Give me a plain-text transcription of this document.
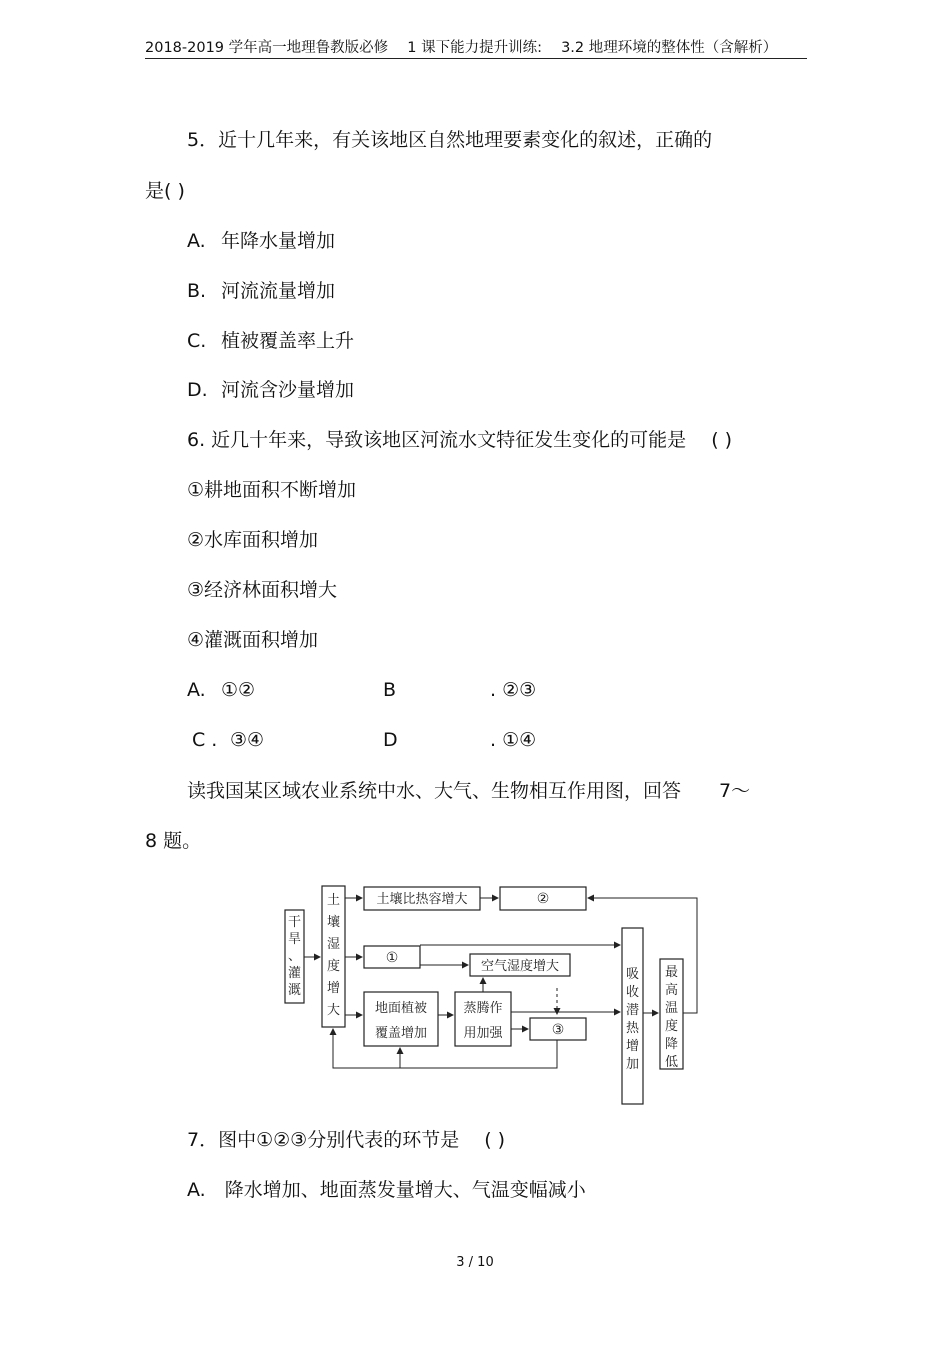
2018-2019 学年高一地理鲁教版必修　 1 课下能力提升训练:　 3.2 地理环境的整体性（含解析）
5．近十几年来，有关该地区自然地理要素变化的叙述，正确的
是( )
A. 年降水量增加
B. 河流流量增加
C. 植被覆盖率上升
D. 河流含沙量增加
6. 近几十年来，导致该地区河流水文特征发生变化的可能是 　( )
①耕地面积不断增加
②水库面积增加
③经济林面积增大
④灌溉面积增加
A. ①②	B	. ②③
C . ③④	D	. ①④
读我国某区域农业系统中水、大气、生物相互作用图，回答　　7～
8 题。
干
旱
、
灌
溉
土
壤
湿
度
增
大
土壤比热容增大	②
①
空气湿度增大
地面植被
覆盖增加
蒸腾作
用加强	③
吸
收
潜
热
增
加
最
高
温
度
降
低
7．图中①②③分别代表的环节是 　( )
A.　降水增加、地面蒸发量增大、气温变幅减小
3 / 10
